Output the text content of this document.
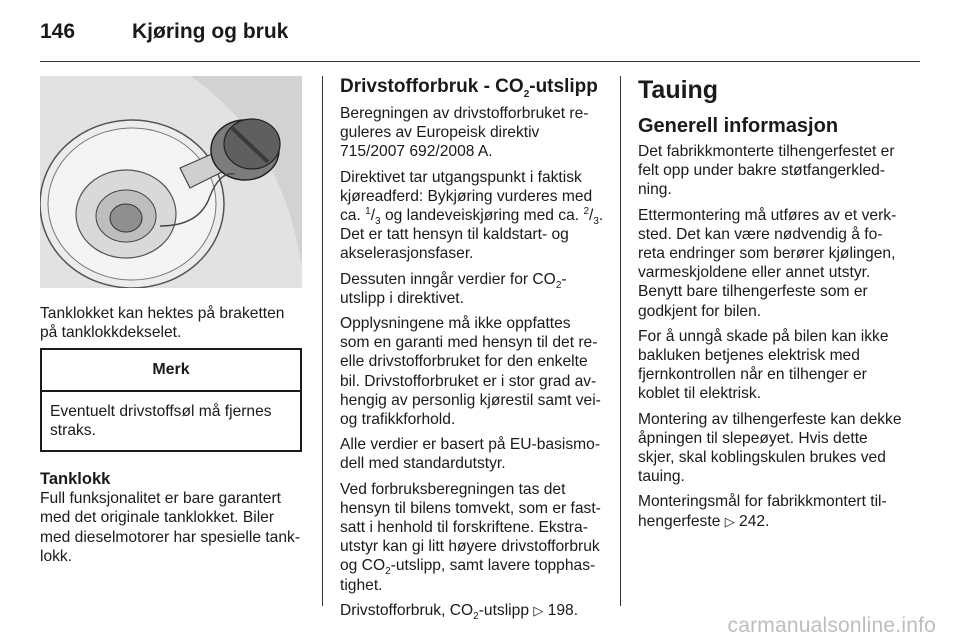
146	Kjøring og bruk

Tanklokket kan hektes på braketten på tanklokkdekselet.

Merk
Eventuelt drivstoffsøl må fjernes straks.
Tanklokk

Full funksjonalitet er bare garantert med det originale tanklokket. Biler med dieselmotorer har spesielle tanklokk.

Drivstofforbruk - $CO_2$-utslipp

Beregningen av drivstofforbruket reguleres av Europeisk direktiv 715/2007 692/2008 A.

Direktivet tar utgangspunkt i faktisk kjøreadferd: Bykjøring vurderes med ca. $^1/_3$ og landeveiskjøring med ca. $^2/_3$. Det er tatt hensyn til kaldstart- og akselerasjonsfaser.

Dessuten inngår verdier for $CO_2$-utslipp i direktivet.

Opplysningene må ikke oppfattes som en garanti med hensyn til det reelle drivstofforbruket for den enkelte bil. Drivstofforbruket er i stor grad avhengig av personlig kjørestil samt vei- og trafikkforhold.

Alle verdier er basert på EU-basismodell med standardutstyr.

Ved forbruksberegningen tas det hensyn til bilens tomvekt, som er fastsatt i henhold til forskriftene. Ekstrautstyr kan gi litt høyere drivstofforbruk og $CO_2$-utslipp, samt lavere topphastighet.

Drivstofforbruk, $CO_2$-utslipp ▷ 198.

Tauing
Generell informasjon

Det fabrikkmonterte tilhengerfestet er felt opp under bakre støtfangerkledning.

Ettermontering må utføres av et verksted. Det kan være nødvendig å foreta endringer som berører kjølingen, varmeskjoldene eller annet utstyr. Benytt bare tilhengerfeste som er godkjent for bilen.

For å unngå skade på bilen kan ikke bakluken betjenes elektrisk med fjernkontrollen når en tilhenger er koblet til elektrisk.

Montering av tilhengerfeste kan dekke åpningen til slepeøyet. Hvis dette skjer, skal koblingskulen brukes ved tauing.

Monteringsmål for fabrikkmontert tilhengerfeste ▷ 242.

carmanualsonline.info
